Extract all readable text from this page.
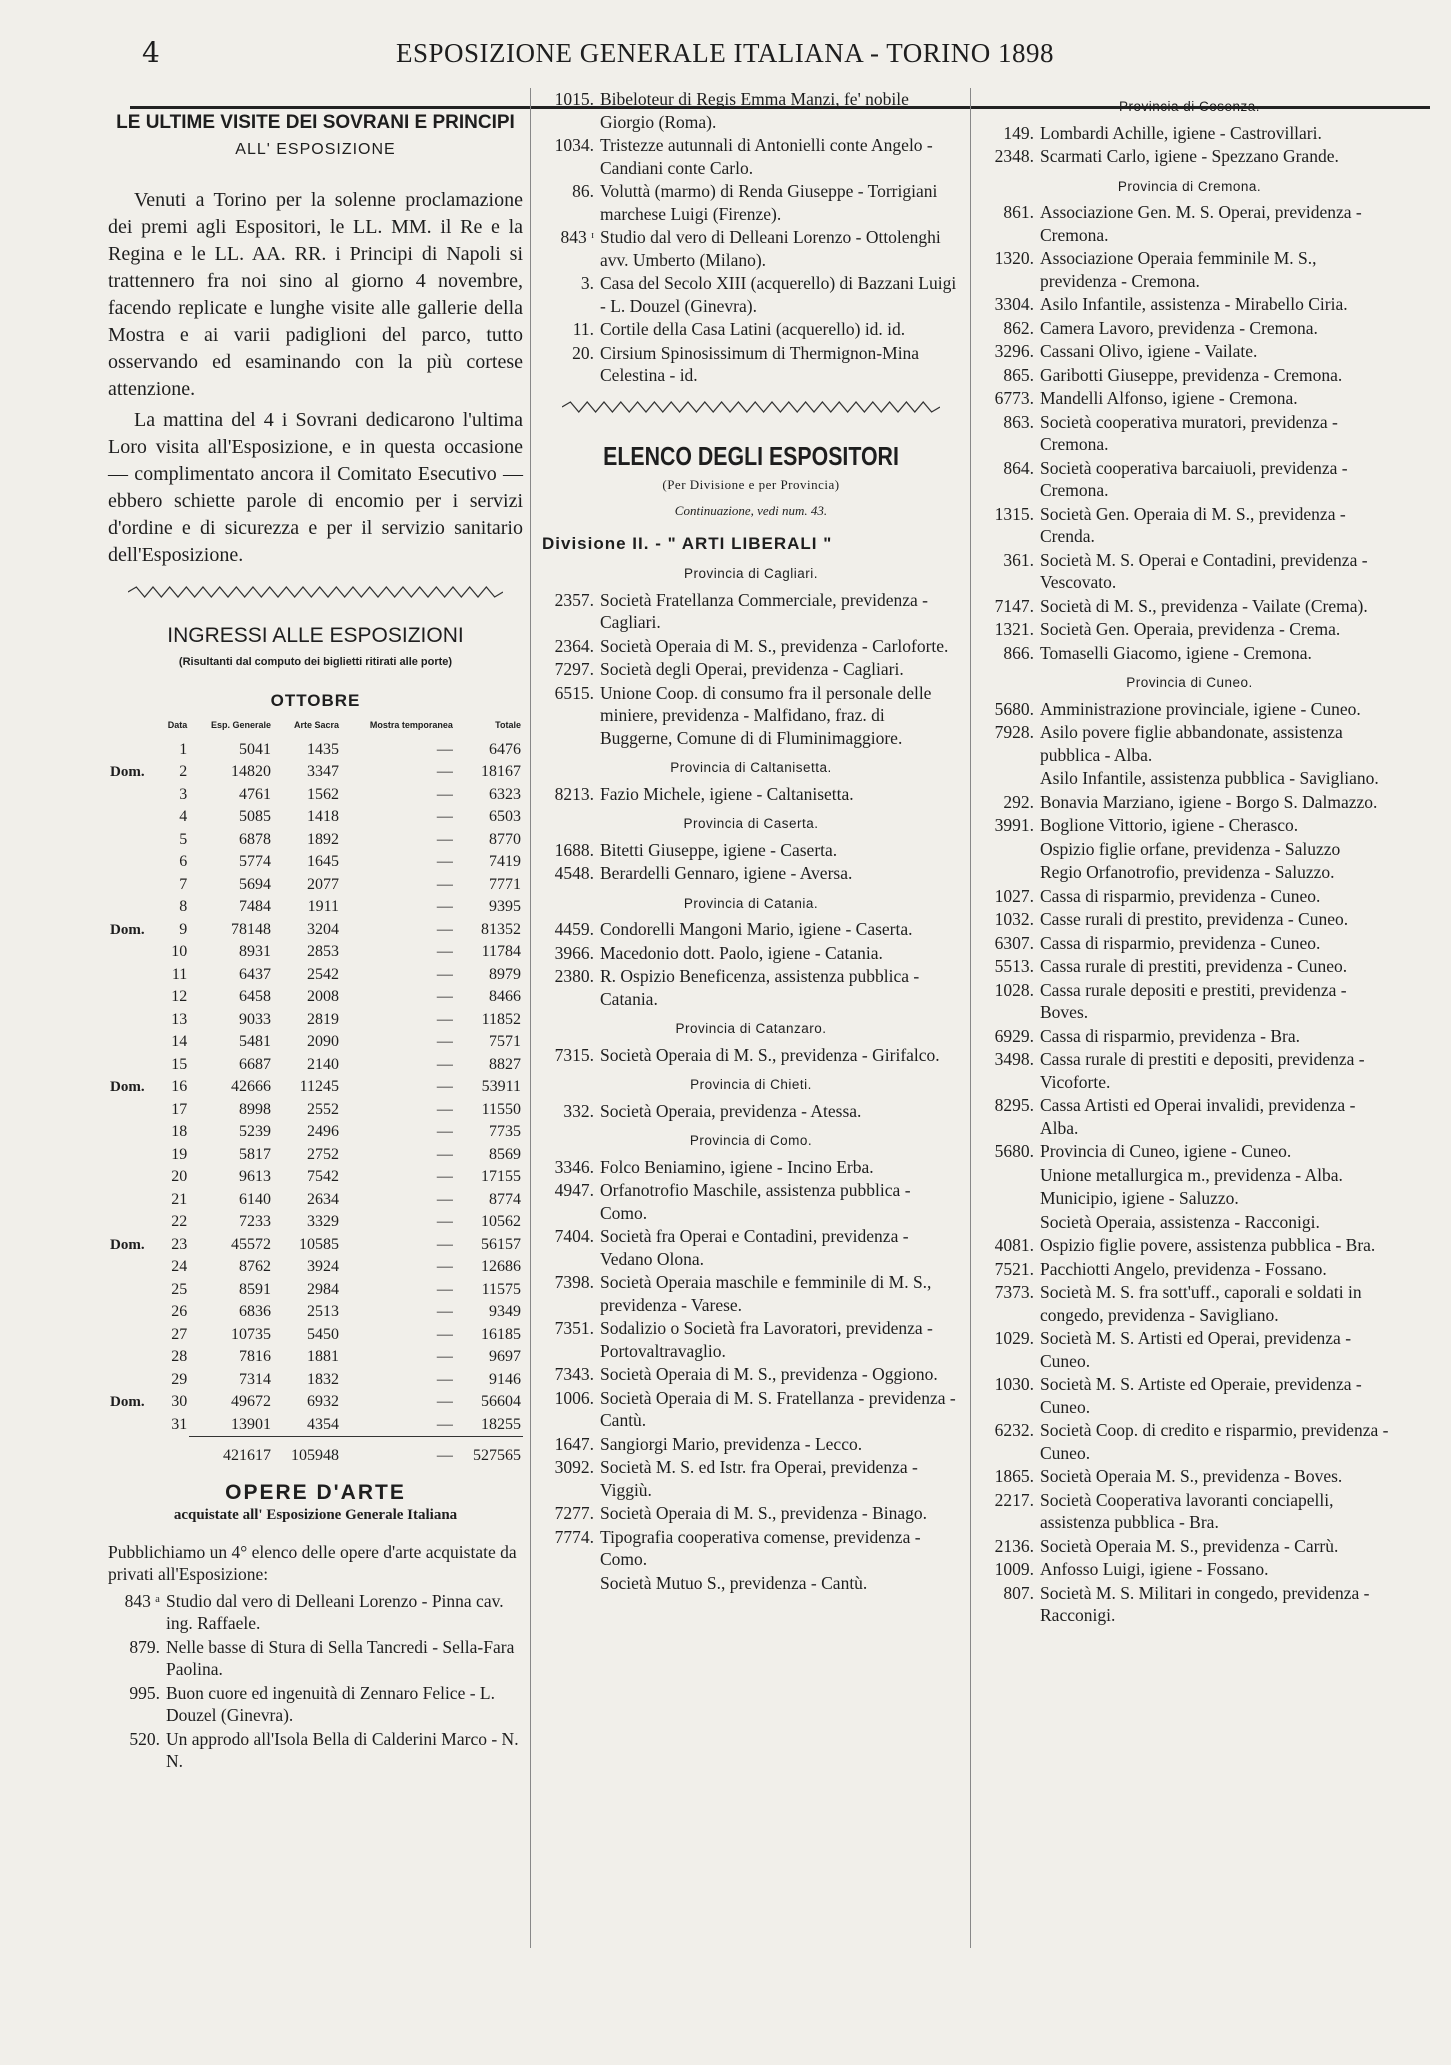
4	ESPOSIZIONE GENERALE ITALIANA - TORINO 1898
LE ULTIME VISITE DEI SOVRANI E PRINCIPI
ALL' ESPOSIZIONE

Venuti a Torino per la solenne proclamazione dei premi agli Espositori, le LL. MM. il Re e la Regina e le LL. AA. RR. i Principi di Napoli si trattennero fra noi sino al giorno 4 novembre, facendo replicate e lunghe visite alle gallerie della Mostra e ai varii padiglioni del parco, tutto osservando ed esaminando con la più cortese attenzione.

La mattina del 4 i Sovrani dedicarono l'ultima Loro visita all'Esposizione, e in questa occasione — complimentato ancora il Comitato Esecutivo — ebbero schiette parole di encomio per i servizi d'ordine e di sicurezza e per il servizio sanitario dell'Esposizione.

INGRESSI ALLE ESPOSIZIONI
(Risultanti dal computo dei biglietti ritirati alle porte)
OTTOBRE
	Data	Esp. Generale	Arte Sacra	Mostra temporanea	Totale
	1	5041	1435	—	6476
Dom.	2	14820	3347	—	18167
	3	4761	1562	—	6323
	4	5085	1418	—	6503
	5	6878	1892	—	8770
	6	5774	1645	—	7419
	7	5694	2077	—	7771
	8	7484	1911	—	9395
Dom.	9	78148	3204	—	81352
	10	8931	2853	—	11784
	11	6437	2542	—	8979
	12	6458	2008	—	8466
	13	9033	2819	—	11852
	14	5481	2090	—	7571
	15	6687	2140	—	8827
Dom.	16	42666	11245	—	53911
	17	8998	2552	—	11550
	18	5239	2496	—	7735
	19	5817	2752	—	8569
	20	9613	7542	—	17155
	21	6140	2634	—	8774
	22	7233	3329	—	10562
Dom.	23	45572	10585	—	56157
	24	8762	3924	—	12686
	25	8591	2984	—	11575
	26	6836	2513	—	9349
	27	10735	5450	—	16185
	28	7816	1881	—	9697
	29	7314	1832	—	9146
Dom.	30	49672	6932	—	56604
	31	13901	4354	—	18255
		421617	105948	—	527565
OPERE D'ARTE
acquistate all' Esposizione Generale Italiana
Pubblichiamo un 4° elenco delle opere d'arte acquistate da privati all'Esposizione:
843 ᵃ Studio dal vero di Delleani Lorenzo - Pinna cav. ing. Raffaele.
879. Nelle basse di Stura di Sella Tancredi - Sella-Fara Paolina.
995. Buon cuore ed ingenuità di Zennaro Felice - L. Douzel (Ginevra).
520. Un approdo all'Isola Bella di Calderini Marco - N. N.
1015. Bibeloteur di Regis Emma Manzi, fe' nobile Giorgio (Roma).
1034. Tristezze autunnali di Antonielli conte Angelo - Candiani conte Carlo.
86. Voluttà (marmo) di Renda Giuseppe - Torrigiani marchese Luigi (Firenze).
843 ᶦ Studio dal vero di Delleani Lorenzo - Ottolenghi avv. Umberto (Milano).
3. Casa del Secolo XIII (acquerello) di Bazzani Luigi - L. Douzel (Ginevra).
11. Cortile della Casa Latini (acquerello) id. id.
20. Cirsium Spinosissimum di Thermignon-Mina Celestina - id.
ELENCO DEGLI ESPOSITORI
(Per Divisione e per Provincia)
Continuazione, vedi num. 43.
Divisione II. - " ARTI LIBERALI "
Provincia di Cagliari.
2357. Società Fratellanza Commerciale, previdenza - Cagliari.
2364. Società Operaia di M. S., previdenza - Carloforte.
7297. Società degli Operai, previdenza - Cagliari.
6515. Unione Coop. di consumo fra il personale delle miniere, previdenza - Malfidano, fraz. di Buggerne, Comune di di Fluminimaggiore.
Provincia di Caltanisetta.
8213. Fazio Michele, igiene - Caltanisetta.
Provincia di Caserta.
1688. Bitetti Giuseppe, igiene - Caserta.
4548. Berardelli Gennaro, igiene - Aversa.
Provincia di Catania.
4459. Condorelli Mangoni Mario, igiene - Caserta.
3966. Macedonio dott. Paolo, igiene - Catania.
2380. R. Ospizio Beneficenza, assistenza pubblica - Catania.
Provincia di Catanzaro.
7315. Società Operaia di M. S., previdenza - Girifalco.
Provincia di Chieti.
332. Società Operaia, previdenza - Atessa.
Provincia di Como.
3346. Folco Beniamino, igiene - Incino Erba.
4947. Orfanotrofio Maschile, assistenza pubblica - Como.
7404. Società fra Operai e Contadini, previdenza - Vedano Olona.
7398. Società Operaia maschile e femminile di M. S., previdenza - Varese.
7351. Sodalizio o Società fra Lavoratori, previdenza - Portovaltravaglio.
7343. Società Operaia di M. S., previdenza - Oggiono.
1006. Società Operaia di M. S. Fratellanza - previdenza - Cantù.
1647. Sangiorgi Mario, previdenza - Lecco.
3092. Società M. S. ed Istr. fra Operai, previdenza - Viggiù.
7277. Società Operaia di M. S., previdenza - Binago.
7774. Tipografia cooperativa comense, previdenza - Como.
Società Mutuo S., previdenza - Cantù.
Provincia di Cosenza.
149. Lombardi Achille, igiene - Castrovillari.
2348. Scarmati Carlo, igiene - Spezzano Grande.
Provincia di Cremona.
861. Associazione Gen. M. S. Operai, previdenza - Cremona.
1320. Associazione Operaia femminile M. S., previdenza - Cremona.
3304. Asilo Infantile, assistenza - Mirabello Ciria.
862. Camera Lavoro, previdenza - Cremona.
3296. Cassani Olivo, igiene - Vailate.
865. Garibotti Giuseppe, previdenza - Cremona.
6773. Mandelli Alfonso, igiene - Cremona.
863. Società cooperativa muratori, previdenza - Cremona.
864. Società cooperativa barcaiuoli, previdenza - Cremona.
1315. Società Gen. Operaia di M. S., previdenza - Crenda.
361. Società M. S. Operai e Contadini, previdenza - Vescovato.
7147. Società di M. S., previdenza - Vailate (Crema).
1321. Società Gen. Operaia, previdenza - Crema.
866. Tomaselli Giacomo, igiene - Cremona.
Provincia di Cuneo.
5680. Amministrazione provinciale, igiene - Cuneo.
7928. Asilo povere figlie abbandonate, assistenza pubblica - Alba.
Asilo Infantile, assistenza pubblica - Savigliano.
292. Bonavia Marziano, igiene - Borgo S. Dalmazzo.
3991. Boglione Vittorio, igiene - Cherasco.
Ospizio figlie orfane, previdenza - Saluzzo
Regio Orfanotrofio, previdenza - Saluzzo.
1027. Cassa di risparmio, previdenza - Cuneo.
1032. Casse rurali di prestito, previdenza - Cuneo.
6307. Cassa di risparmio, previdenza - Cuneo.
5513. Cassa rurale di prestiti, previdenza - Cuneo.
1028. Cassa rurale depositi e prestiti, previdenza - Boves.
6929. Cassa di risparmio, previdenza - Bra.
3498. Cassa rurale di prestiti e depositi, previdenza - Vicoforte.
8295. Cassa Artisti ed Operai invalidi, previdenza - Alba.
5680. Provincia di Cuneo, igiene - Cuneo.
Unione metallurgica m., previdenza - Alba.
Municipio, igiene - Saluzzo.
Società Operaia, assistenza - Racconigi.
4081. Ospizio figlie povere, assistenza pubblica - Bra.
7521. Pacchiotti Angelo, previdenza - Fossano.
7373. Società M. S. fra sott'uff., caporali e soldati in congedo, previdenza - Savigliano.
1029. Società M. S. Artisti ed Operai, previdenza - Cuneo.
1030. Società M. S. Artiste ed Operaie, previdenza - Cuneo.
6232. Società Coop. di credito e risparmio, previdenza - Cuneo.
1865. Società Operaia M. S., previdenza - Boves.
2217. Società Cooperativa lavoranti conciapelli, assistenza pubblica - Bra.
2136. Società Operaia M. S., previdenza - Carrù.
1009. Anfosso Luigi, igiene - Fossano.
807. Società M. S. Militari in congedo, previdenza - Racconigi.
